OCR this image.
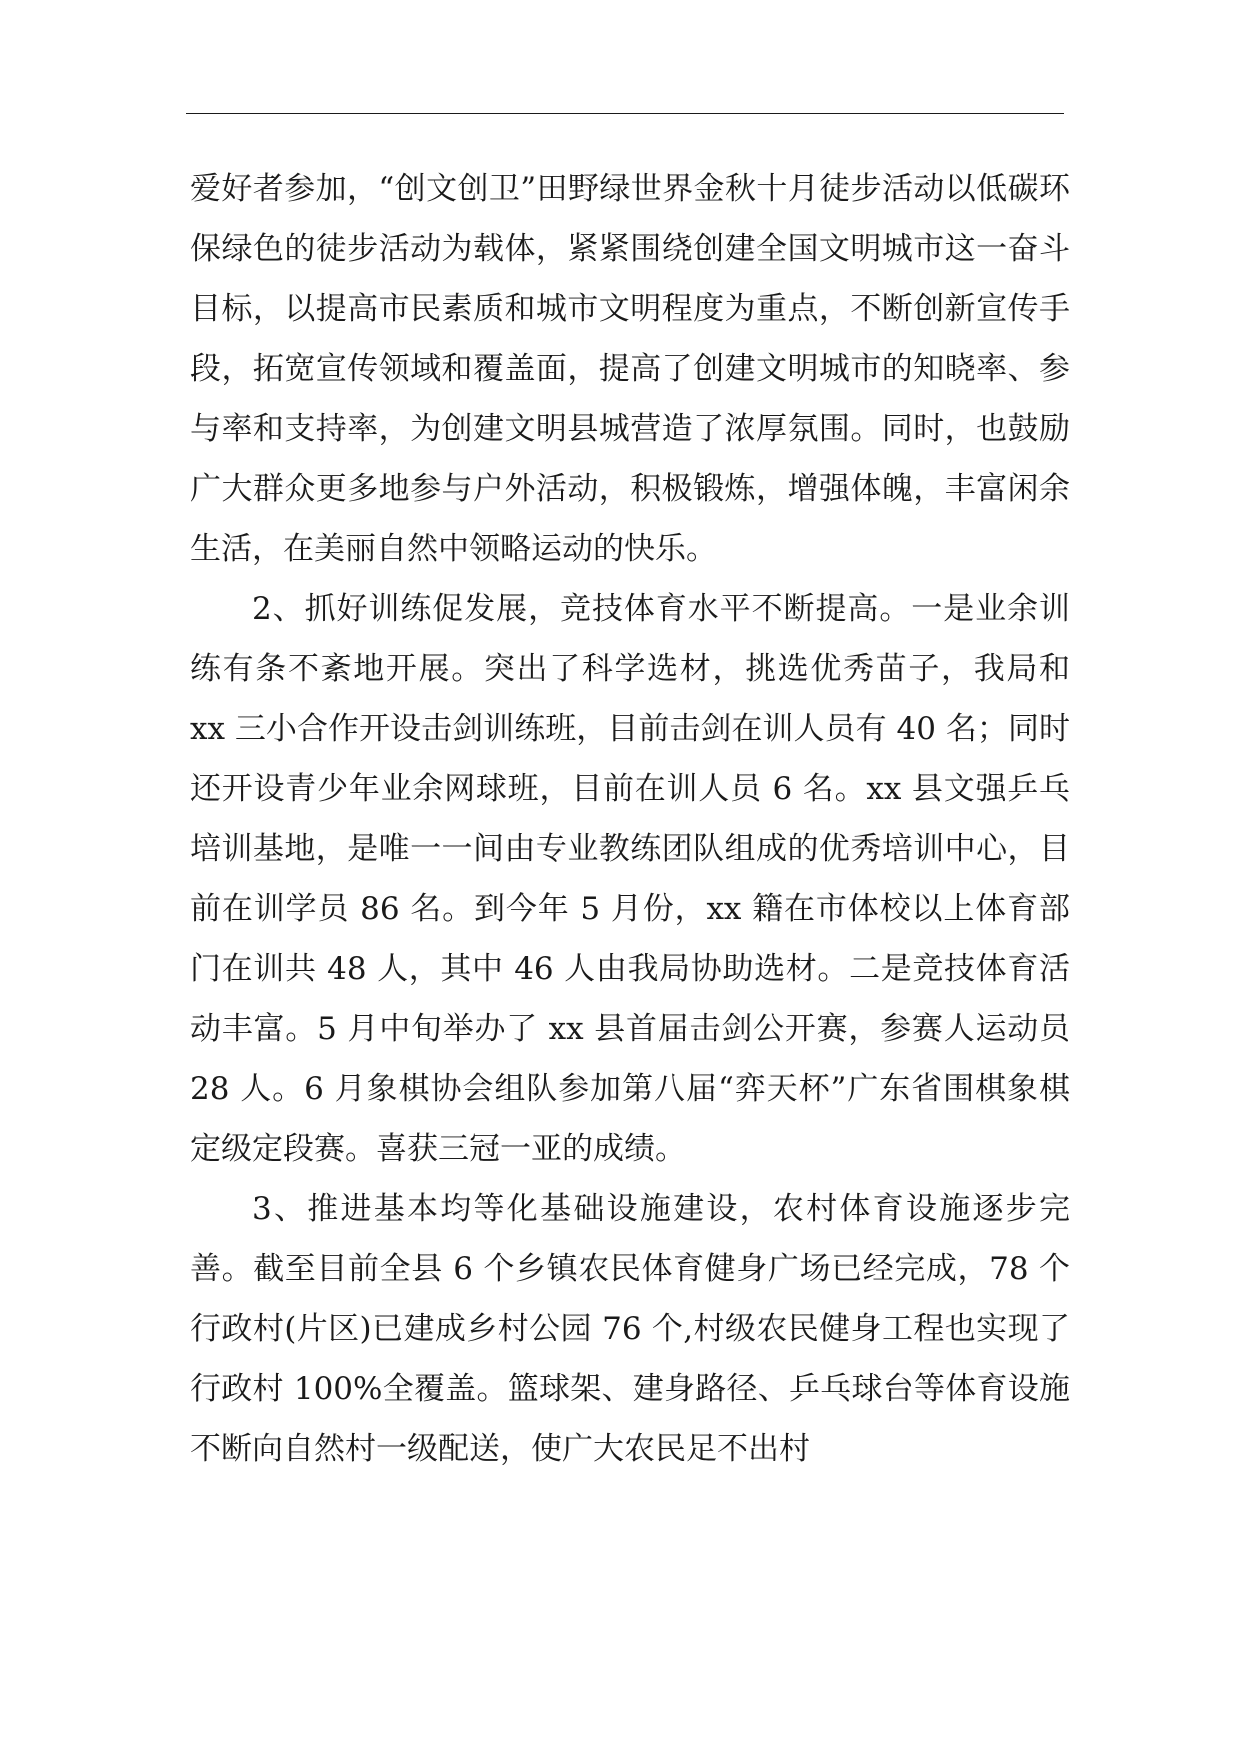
爱好者参加，“创文创卫”田野绿世界金秋十月徒步活动以低碳环保绿色的徒步活动为载体，紧紧围绕创建全国文明城市这一奋斗目标，以提高市民素质和城市文明程度为重点，不断创新宣传手段，拓宽宣传领域和覆盖面，提高了创建文明城市的知晓率、参与率和支持率，为创建文明县城营造了浓厚氛围。同时，也鼓励广大群众更多地参与户外活动，积极锻炼，增强体魄，丰富闲余生活，在美丽自然中领略运动的快乐。

2、抓好训练促发展，竞技体育水平不断提高。一是业余训练有条不紊地开展。突出了科学选材，挑选优秀苗子，我局和 xx 三小合作开设击剑训练班，目前击剑在训人员有 40 名；同时还开设青少年业余网球班，目前在训人员 6 名。xx 县文强乒乓培训基地，是唯一一间由专业教练团队组成的优秀培训中心，目前在训学员 86 名。到今年 5 月份，xx 籍在市体校以上体育部门在训共 48 人，其中 46 人由我局协助选材。二是竞技体育活动丰富。5 月中旬举办了 xx 县首届击剑公开赛，参赛人运动员 28 人。6 月象棋协会组队参加第八届“弈天杯”广东省围棋象棋定级定段赛。喜获三冠一亚的成绩。

3、推进基本均等化基础设施建设，农村体育设施逐步完善。截至目前全县 6 个乡镇农民体育健身广场已经完成，78 个行政村(片区)已建成乡村公园 76 个,村级农民健身工程也实现了行政村 100%全覆盖。篮球架、建身路径、乒乓球台等体育设施不断向自然村一级配送，使广大农民足不出村
